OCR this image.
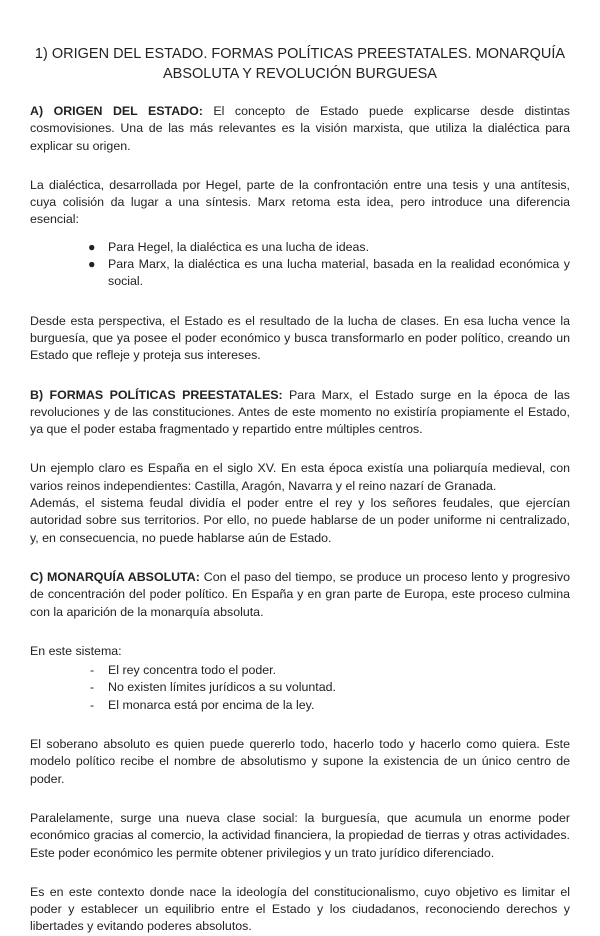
1) ORIGEN DEL ESTADO. FORMAS POLÍTICAS PREESTATALES. MONARQUÍA
ABSOLUTA Y REVOLUCIÓN BURGUESA

A) ORIGEN DEL ESTADO: El concepto de Estado puede explicarse desde distintas cosmovisiones. Una de las más relevantes es la visión marxista, que utiliza la dialéctica para explicar su origen.

La dialéctica, desarrollada por Hegel, parte de la confrontación entre una tesis y una antítesis, cuya colisión da lugar a una síntesis. Marx retoma esta idea, pero introduce una diferencia esencial:

● Para Hegel, la dialéctica es una lucha de ideas.
● Para Marx, la dialéctica es una lucha material, basada en la realidad económica y social.

Desde esta perspectiva, el Estado es el resultado de la lucha de clases. En esa lucha vence la burguesía, que ya posee el poder económico y busca transformarlo en poder político, creando un Estado que refleje y proteja sus intereses.

B) FORMAS POLÍTICAS PREESTATALES: Para Marx, el Estado surge en la época de las revoluciones y de las constituciones. Antes de este momento no existiría propiamente el Estado, ya que el poder estaba fragmentado y repartido entre múltiples centros.

Un ejemplo claro es España en el siglo XV. En esta época existía una poliarquía medieval, con varios reinos independientes: Castilla, Aragón, Navarra y el reino nazarí de Granada.

Además, el sistema feudal dividía el poder entre el rey y los señores feudales, que ejercían autoridad sobre sus territorios. Por ello, no puede hablarse de un poder uniforme ni centralizado, y, en consecuencia, no puede hablarse aún de Estado.

C) MONARQUÍA ABSOLUTA: Con el paso del tiempo, se produce un proceso lento y progresivo de concentración del poder político. En España y en gran parte de Europa, este proceso culmina con la aparición de la monarquía absoluta.

En este sistema:

- El rey concentra todo el poder.
- No existen límites jurídicos a su voluntad.
- El monarca está por encima de la ley.

El soberano absoluto es quien puede quererlo todo, hacerlo todo y hacerlo como quiera. Este modelo político recibe el nombre de absolutismo y supone la existencia de un único centro de poder.

Paralelamente, surge una nueva clase social: la burguesía, que acumula un enorme poder económico gracias al comercio, la actividad financiera, la propiedad de tierras y otras actividades. Este poder económico les permite obtener privilegios y un trato jurídico diferenciado.

Es en este contexto donde nace la ideología del constitucionalismo, cuyo objetivo es limitar el poder y establecer un equilibrio entre el Estado y los ciudadanos, reconociendo derechos y libertades y evitando poderes absolutos.
